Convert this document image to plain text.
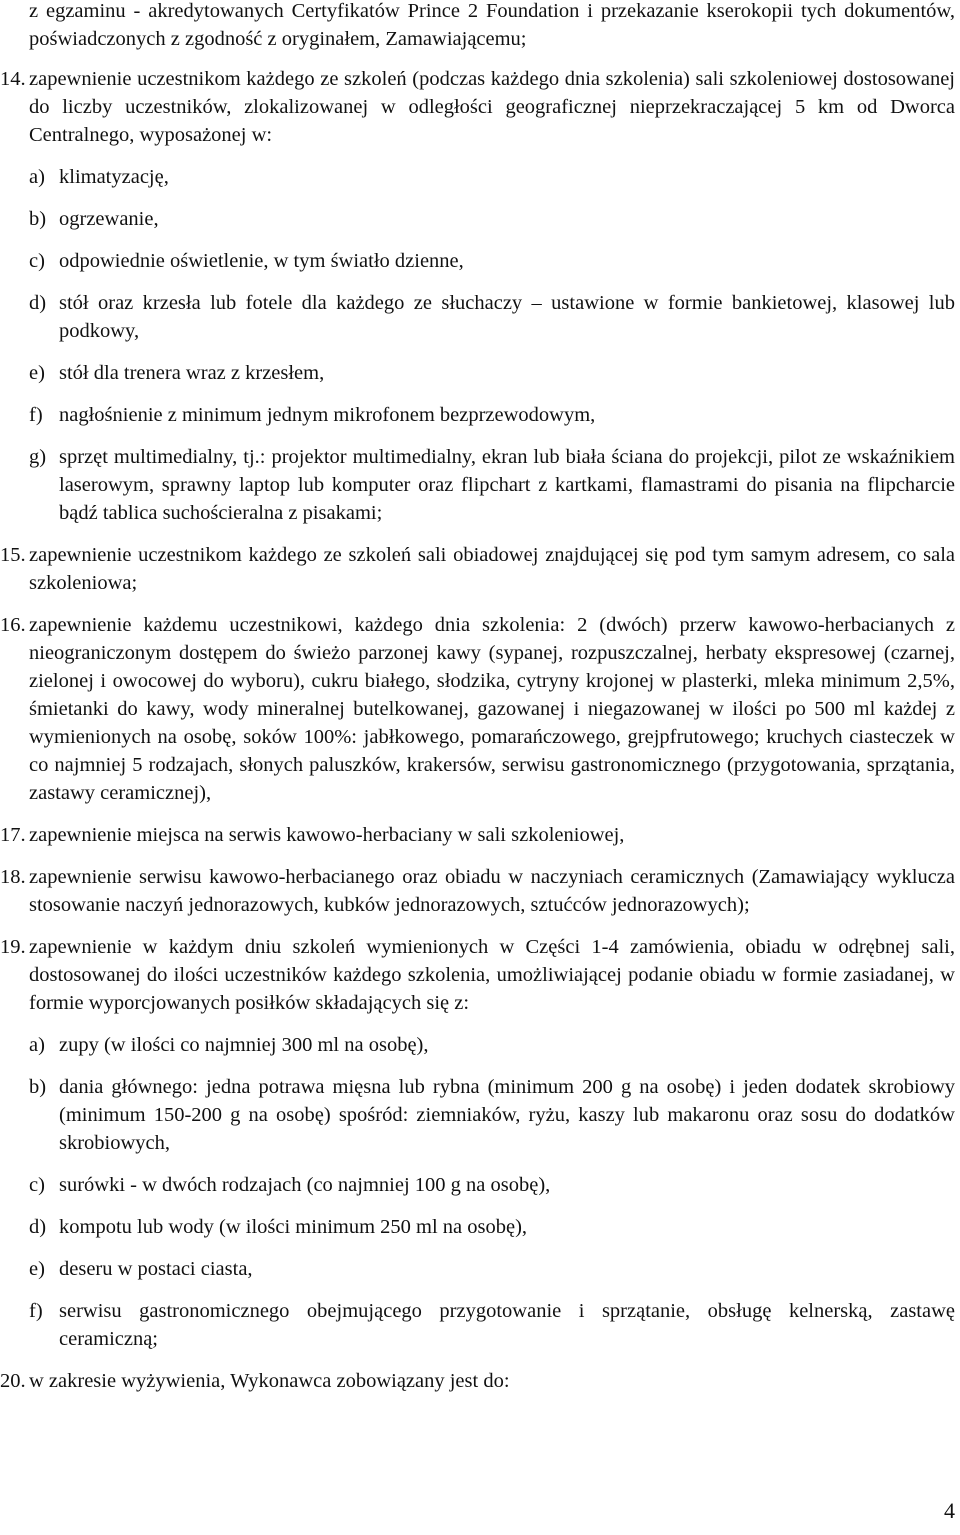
z egzaminu - akredytowanych Certyfikatów Prince 2 Foundation i przekazanie kserokopii tych dokumentów, poświadczonych z zgodność z oryginałem, Zamawiającemu;

14. zapewnienie uczestnikom każdego ze szkoleń (podczas każdego dnia szkolenia) sali szkoleniowej dostosowanej do liczby uczestników, zlokalizowanej w odległości geograficznej nieprzekraczającej 5 km od Dworca Centralnego, wyposażonej w:

a) klimatyzację,

b) ogrzewanie,

c) odpowiednie oświetlenie, w tym światło dzienne,

d) stół oraz krzesła lub fotele dla każdego ze słuchaczy – ustawione w formie bankietowej, klasowej lub podkowy,

e) stół dla trenera wraz z krzesłem,

f) nagłośnienie z minimum jednym mikrofonem bezprzewodowym,

g) sprzęt multimedialny, tj.: projektor multimedialny, ekran lub biała ściana do projekcji, pilot ze wskaźnikiem laserowym, sprawny laptop lub komputer oraz flipchart z kartkami, flamastrami do pisania na flipcharcie bądź tablica suchościeralna z pisakami;

15. zapewnienie uczestnikom każdego ze szkoleń sali obiadowej znajdującej się pod tym samym adresem, co sala szkoleniowa;

16. zapewnienie każdemu uczestnikowi, każdego dnia szkolenia: 2 (dwóch) przerw kawowo-herbacianych z nieograniczonym dostępem do świeżo parzonej kawy (sypanej, rozpuszczalnej, herbaty ekspresowej (czarnej, zielonej i owocowej do wyboru), cukru białego, słodzika, cytryny krojonej w plasterki, mleka minimum 2,5%, śmietanki do kawy, wody mineralnej butelkowanej, gazowanej i niegazowanej w ilości po 500 ml każdej z wymienionych na osobę, soków 100%: jabłkowego, pomarańczowego, grejpfrutowego; kruchych ciasteczek w co najmniej 5 rodzajach, słonych paluszków, krakersów, serwisu gastronomicznego (przygotowania, sprzątania, zastawy ceramicznej),

17. zapewnienie miejsca na serwis kawowo-herbaciany w sali szkoleniowej,

18. zapewnienie serwisu kawowo-herbacianego oraz obiadu w naczyniach ceramicznych (Zamawiający wyklucza stosowanie naczyń jednorazowych, kubków jednorazowych, sztućców jednorazowych);

19. zapewnienie w każdym dniu szkoleń wymienionych w Części 1-4 zamówienia, obiadu w odrębnej sali, dostosowanej do ilości uczestników każdego szkolenia, umożliwiającej podanie obiadu w formie zasiadanej, w formie wyporcjowanych posiłków składających się z:

a) zupy (w ilości co najmniej 300 ml na osobę),

b) dania głównego: jedna potrawa mięsna lub rybna (minimum 200 g na osobę) i jeden dodatek skrobiowy (minimum 150-200 g na osobę) spośród: ziemniaków, ryżu, kaszy lub makaronu oraz sosu do dodatków skrobiowych,

c) surówki - w dwóch rodzajach (co najmniej 100 g na osobę),

d) kompotu lub wody (w ilości minimum 250 ml na osobę),

e) deseru w postaci ciasta,

f) serwisu gastronomicznego obejmującego przygotowanie i sprzątanie, obsługę kelnerską, zastawę ceramiczną;

20. w zakresie wyżywienia, Wykonawca zobowiązany jest do:

4
